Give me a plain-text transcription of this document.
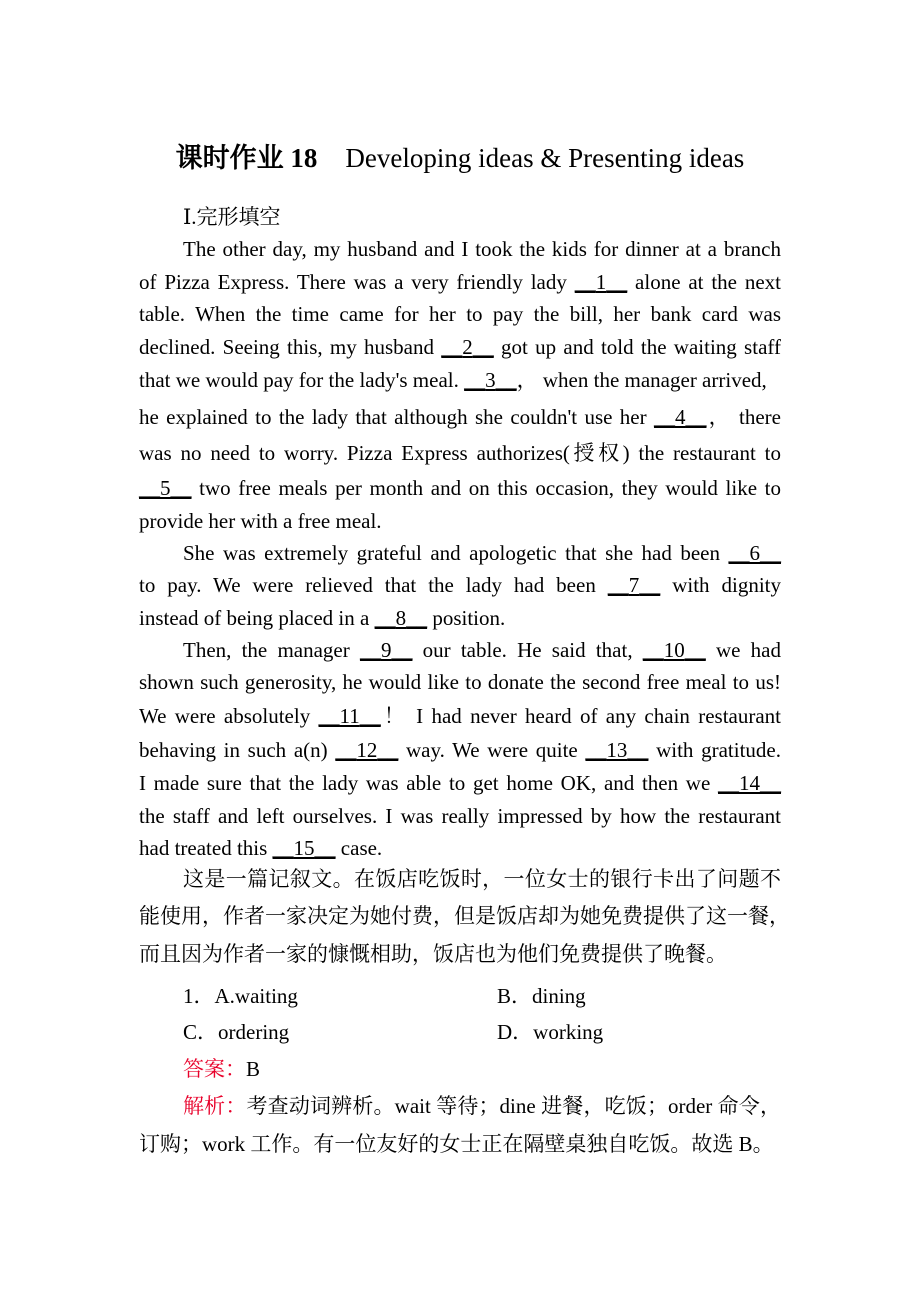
课时作业 18 Developing ideas & Presenting ideas
Ⅰ.完形填空
The other day, my husband and I took the kids for dinner at a branch
of Pizza Express. There was a very friendly lady __1__ alone at the next
table. When the time came for her to pay the bill, her bank card was
declined. Seeing this, my husband __2__ got up and told the waiting staff
that we would pay for the lady's meal. __3__， when the manager arrived,
he explained to the lady that although she couldn't use her __4__， there
was no need to worry. Pizza Express authorizes(授权) the restaurant to
__5__ two free meals per month and on this occasion, they would like to
provide her with a free meal.
She was extremely grateful and apologetic that she had been __6__
to pay. We were relieved that the lady had been __7__ with dignity
instead of being placed in a __8__ position.
Then, the manager __9__ our table. He said that, __10__ we had
shown such generosity, he would like to donate the second free meal to us!
We were absolutely __11__！ I had never heard of any chain restaurant
behaving in such a(n) __12__ way. We were quite __13__ with gratitude.
I made sure that the lady was able to get home OK, and then we __14__
the staff and left ourselves. I was really impressed by how the restaurant
had treated this __15__ case.
这是一篇记叙文。在饭店吃饭时，一位女士的银行卡出了问题不
能使用，作者一家决定为她付费，但是饭店却为她免费提供了这一餐，
而且因为作者一家的慷慨相助，饭店也为他们免费提供了晚餐。
1．A.waiting	B．dining
C．ordering	D．working
答案：B
解析：考查动词辨析。wait 等待；dine 进餐，吃饭；order 命令，
订购；work 工作。有一位友好的女士正在隔壁桌独自吃饭。故选 B。
